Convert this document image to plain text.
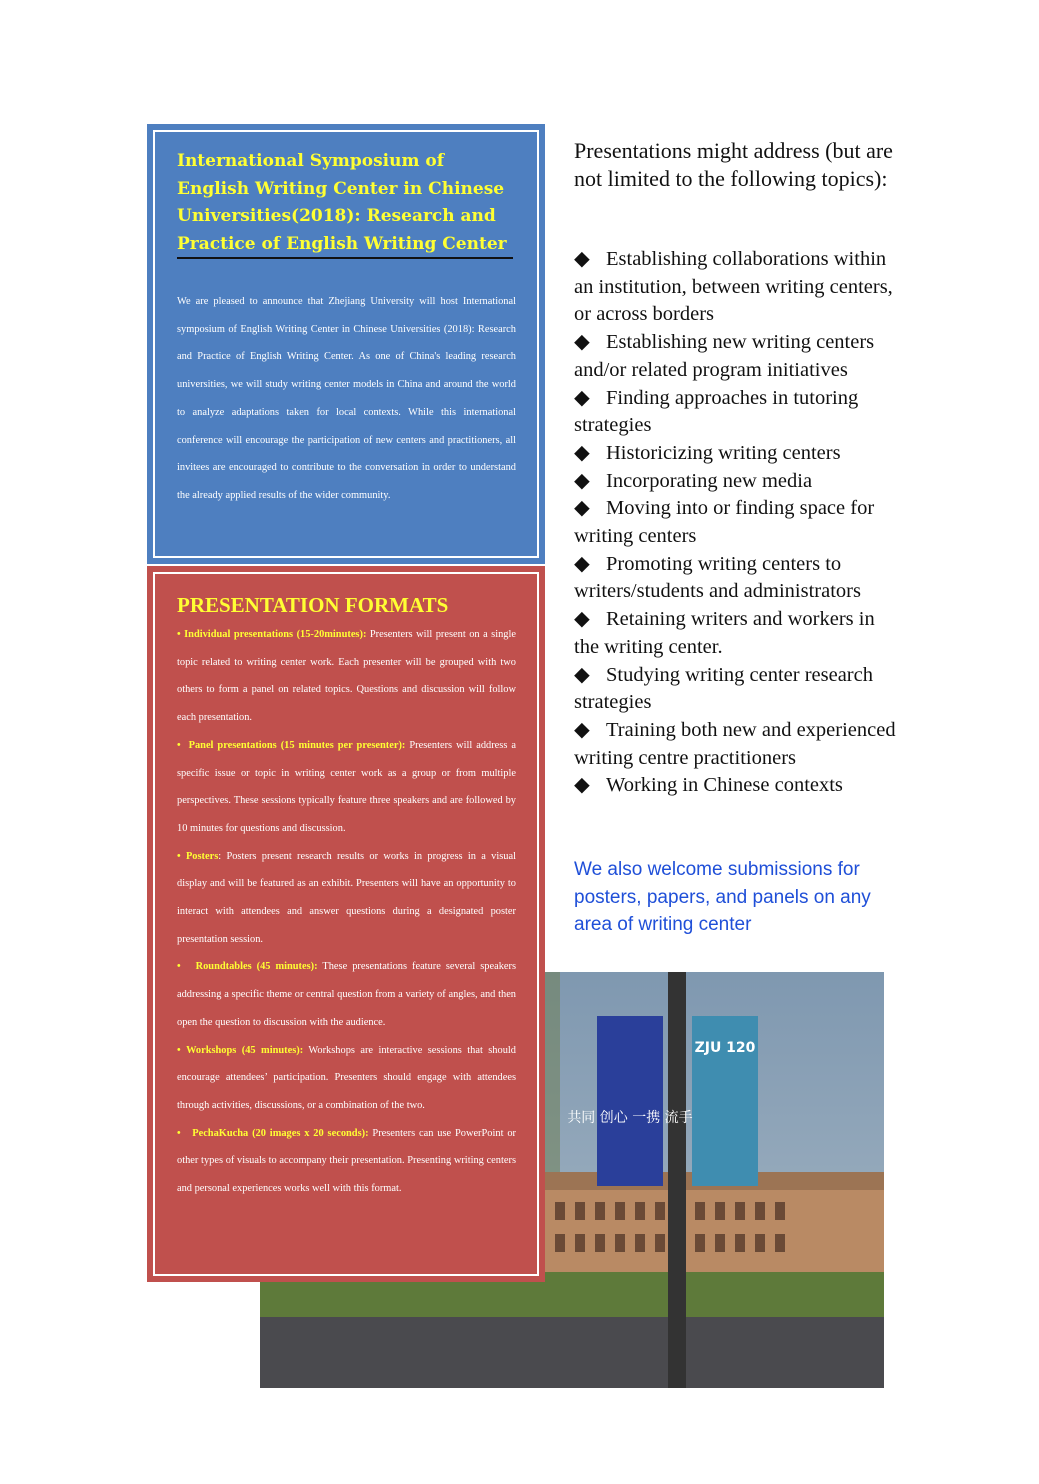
共同 创心 一携 流手
ZJU 120
International Symposium of English Writing Center in Chinese Universities(2018): Research and Practice of English Writing Center

We are pleased to announce that Zhejiang University will host International symposium of English Writing Center in Chinese Universities (2018): Research and Practice of English Writing Center. As one of China's leading research universities, we will study writing center models in China and around the world to analyze adaptations taken for local contexts. While this international conference will encourage the participation of new centers and practitioners, all invitees are encouraged to contribute to the conversation in order to understand the already applied results of the wider community.

PRESENTATION FORMATS
• Individual presentations (15-20minutes): Presenters will present on a single topic related to writing center work. Each presenter will be grouped with two others to form a panel on related topics. Questions and discussion will follow each presentation.
• Panel presentations (15 minutes per presenter): Presenters will address a specific issue or topic in writing center work as a group or from multiple perspectives. These sessions typically feature three speakers and are followed by 10 minutes for questions and discussion.
• Posters: Posters present research results or works in progress in a visual display and will be featured as an exhibit. Presenters will have an opportunity to interact with attendees and answer questions during a designated poster presentation session.
• Roundtables (45 minutes): These presentations feature several speakers addressing a specific theme or central question from a variety of angles, and then open the question to discussion with the audience.
• Workshops (45 minutes): Workshops are interactive sessions that should encourage attendees’ participation. Presenters should engage with attendees through activities, discussions, or a combination of the two.
• PechaKucha (20 images x 20 seconds): Presenters can use PowerPoint or other types of visuals to accompany their presentation. Presenting writing centers and personal experiences works well with this format.

Presentations might address (but are not limited to the following topics):

◆ Establishing collaborations within an institution, between writing centers, or across borders
◆ Establishing new writing centers and/or related program initiatives
◆ Finding approaches in tutoring strategies
◆ Historicizing writing centers
◆ Incorporating new media
◆ Moving into or finding space for writing centers
◆ Promoting writing centers to writers/students and administrators
◆ Retaining writers and workers in the writing center.
◆ Studying writing center research strategies
◆ Training both new and experienced writing centre practitioners
◆ Working in Chinese contexts

We also welcome submissions for posters, papers, and panels on any area of writing center
